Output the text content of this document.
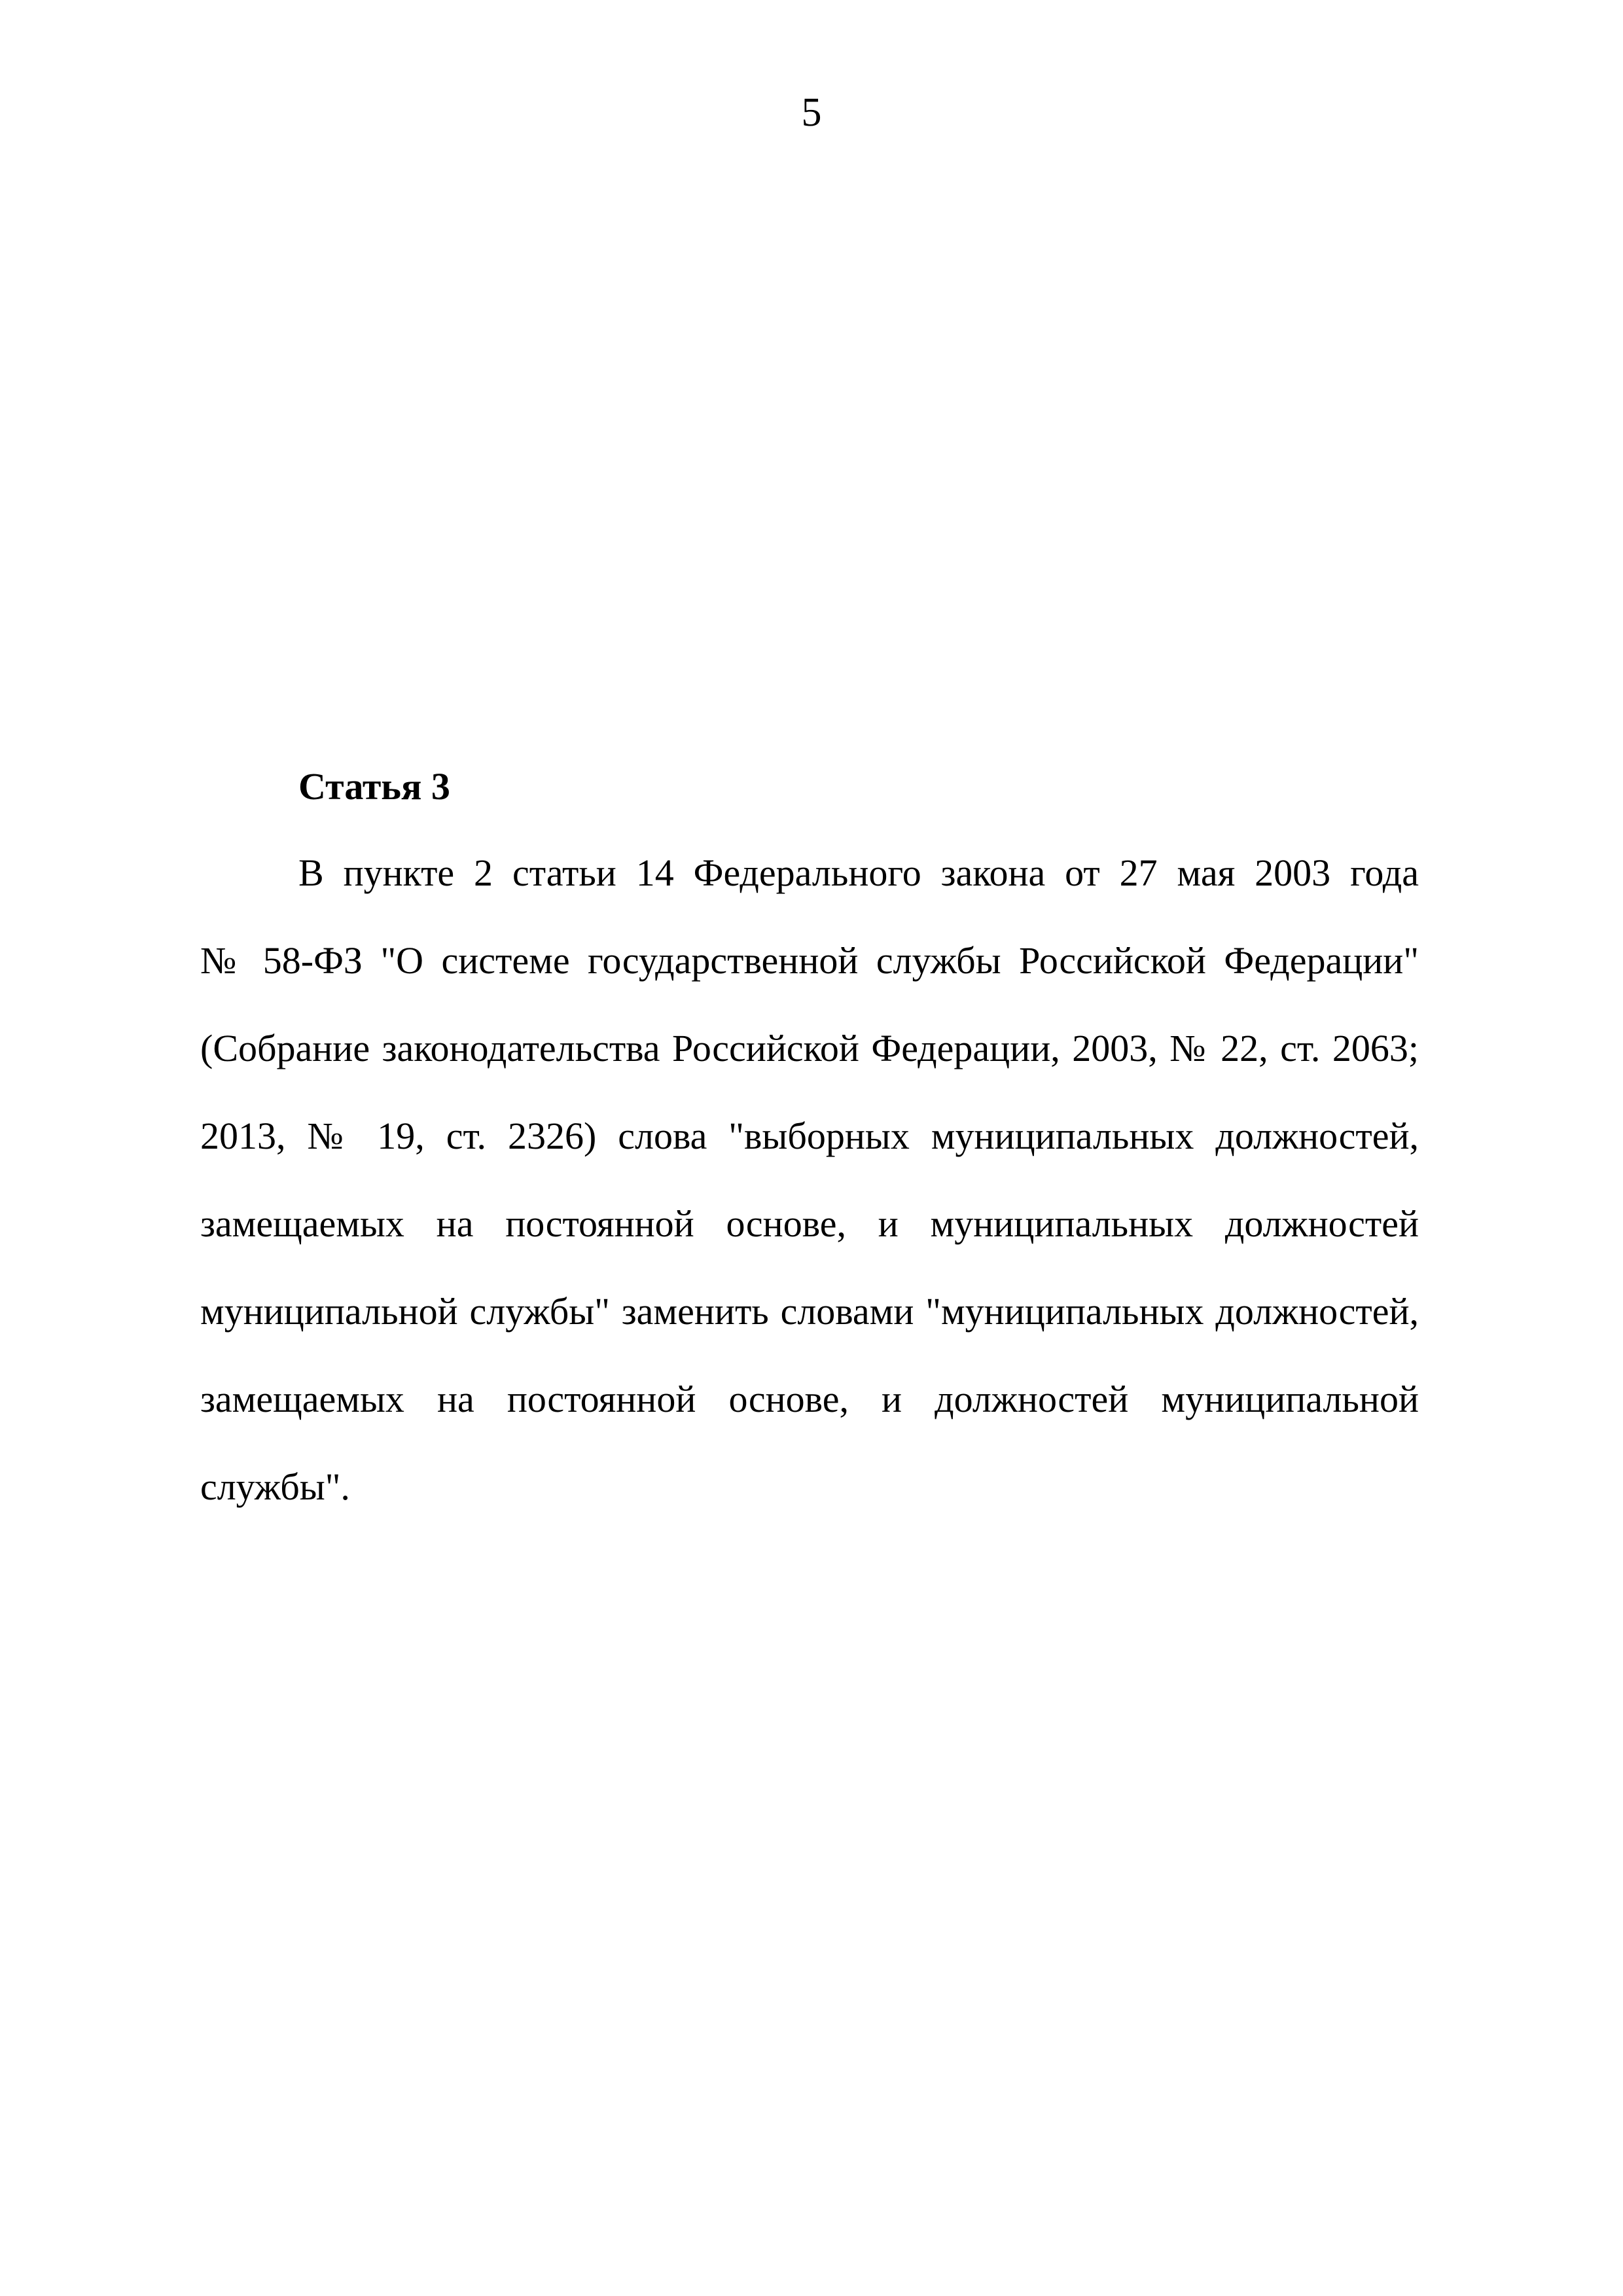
5
Статья 3
В пункте 2 статьи 14 Федерального закона от 27 мая 2003 года
№ 58-ФЗ "О системе государственной службы Российской Федерации"
(Собрание законодательства Российской Федерации, 2003, № 22, ст. 2063;
2013, № 19, ст. 2326) слова "выборных муниципальных должностей,
замещаемых на постоянной основе, и муниципальных должностей
муниципальной службы" заменить словами "муниципальных должностей,
замещаемых на постоянной основе, и должностей муниципальной
службы".
